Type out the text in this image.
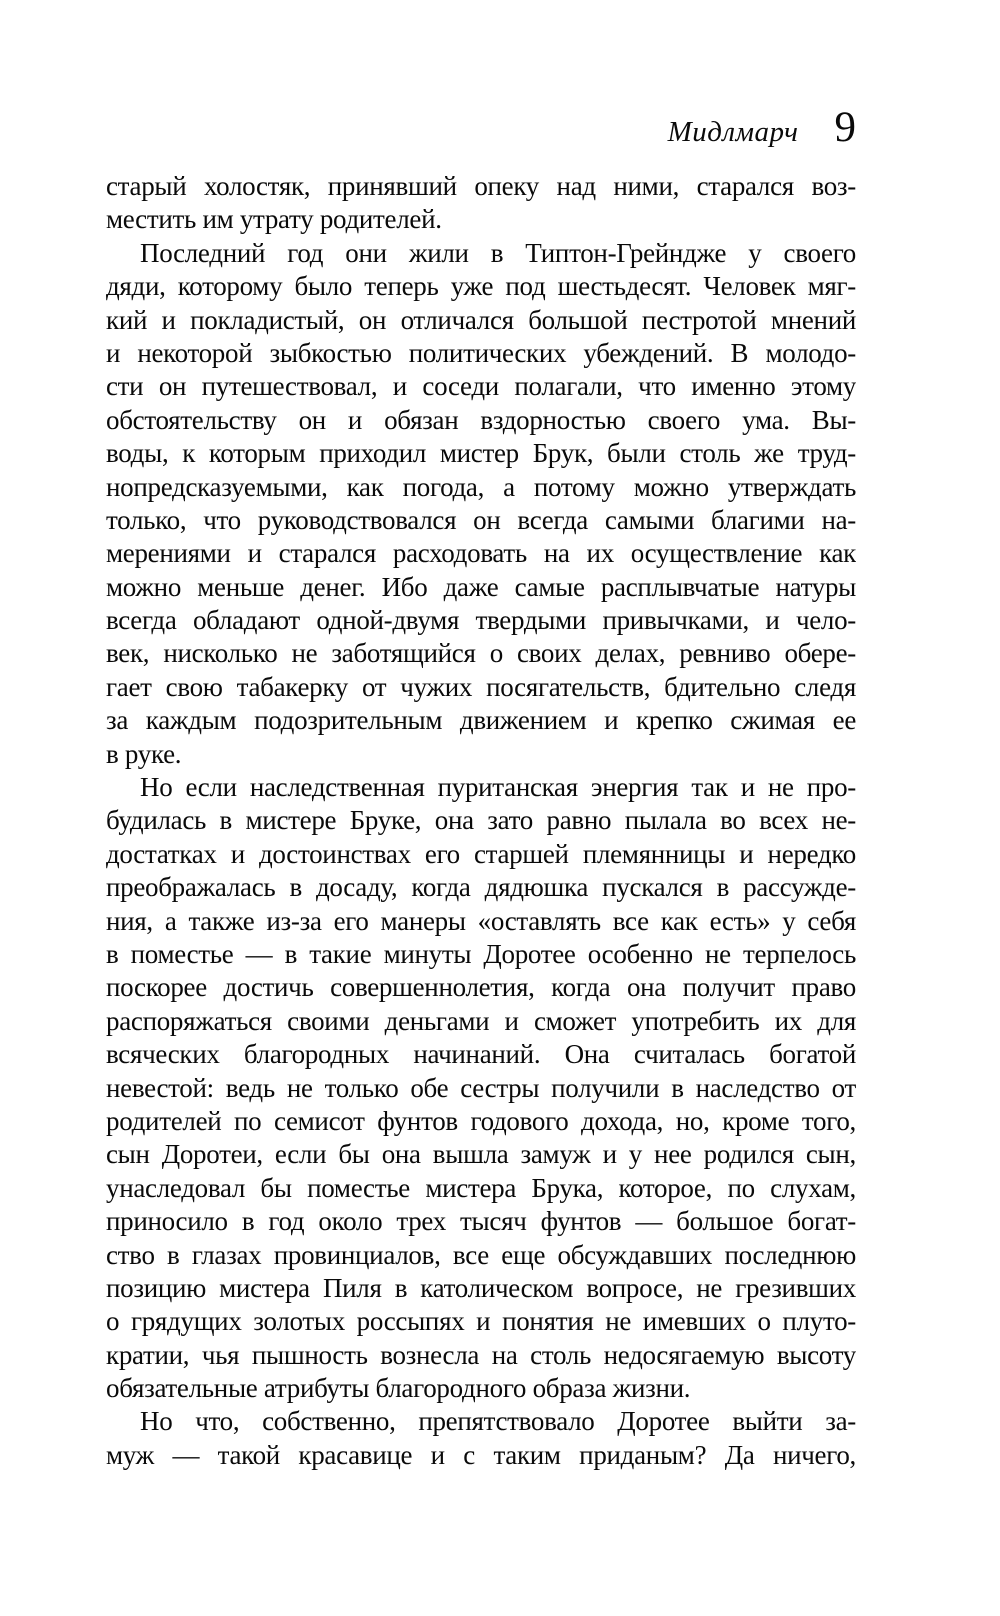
Мидлмарч 9
старый холостяк, принявший опеку над ними, старался воз-
местить им утрату родителей.
Последний год они жили в Типтон-Грейндже у своего
дяди, которому было теперь уже под шестьдесят. Человек мяг-
кий и покладистый, он отличался большой пестротой мнений
и некоторой зыбкостью политических убеждений. В молодо-
сти он путешествовал, и соседи полагали, что именно этому
обстоятельству он и обязан вздорностью своего ума. Вы-
воды, к которым приходил мистер Брук, были столь же труд-
нопредсказуемыми, как погода, а потому можно утверждать
только, что руководствовался он всегда самыми благими на-
мерениями и старался расходовать на их осуществление как
можно меньше денег. Ибо даже самые расплывчатые натуры
всегда обладают одной-двумя твердыми привычками, и чело-
век, нисколько не заботящийся о своих делах, ревниво обере-
гает свою табакерку от чужих посягательств, бдительно следя
за каждым подозрительным движением и крепко сжимая ее
в руке.
Но если наследственная пуританская энергия так и не про-
будилась в мистере Бруке, она зато равно пылала во всех не-
достатках и достоинствах его старшей племянницы и нередко
преображалась в досаду, когда дядюшка пускался в рассужде-
ния, а также из-за его манеры «оставлять все как есть» у себя
в поместье — в такие минуты Доротее особенно не терпелось
поскорее достичь совершеннолетия, когда она получит право
распоряжаться своими деньгами и сможет употребить их для
всяческих благородных начинаний. Она считалась богатой
невестой: ведь не только обе сестры получили в наследство от
родителей по семисот фунтов годового дохода, но, кроме того,
сын Доротеи, если бы она вышла замуж и у нее родился сын,
унаследовал бы поместье мистера Брука, которое, по слухам,
приносило в год около трех тысяч фунтов — большое богат-
ство в глазах провинциалов, все еще обсуждавших последнюю
позицию мистера Пиля в католическом вопросе, не грезивших
о грядущих золотых россыпях и понятия не имевших о плуто-
кратии, чья пышность вознесла на столь недосягаемую высоту
обязательные атрибуты благородного образа жизни.
Но что, собственно, препятствовало Доротее выйти за-
муж — такой красавице и с таким приданым? Да ничего,
